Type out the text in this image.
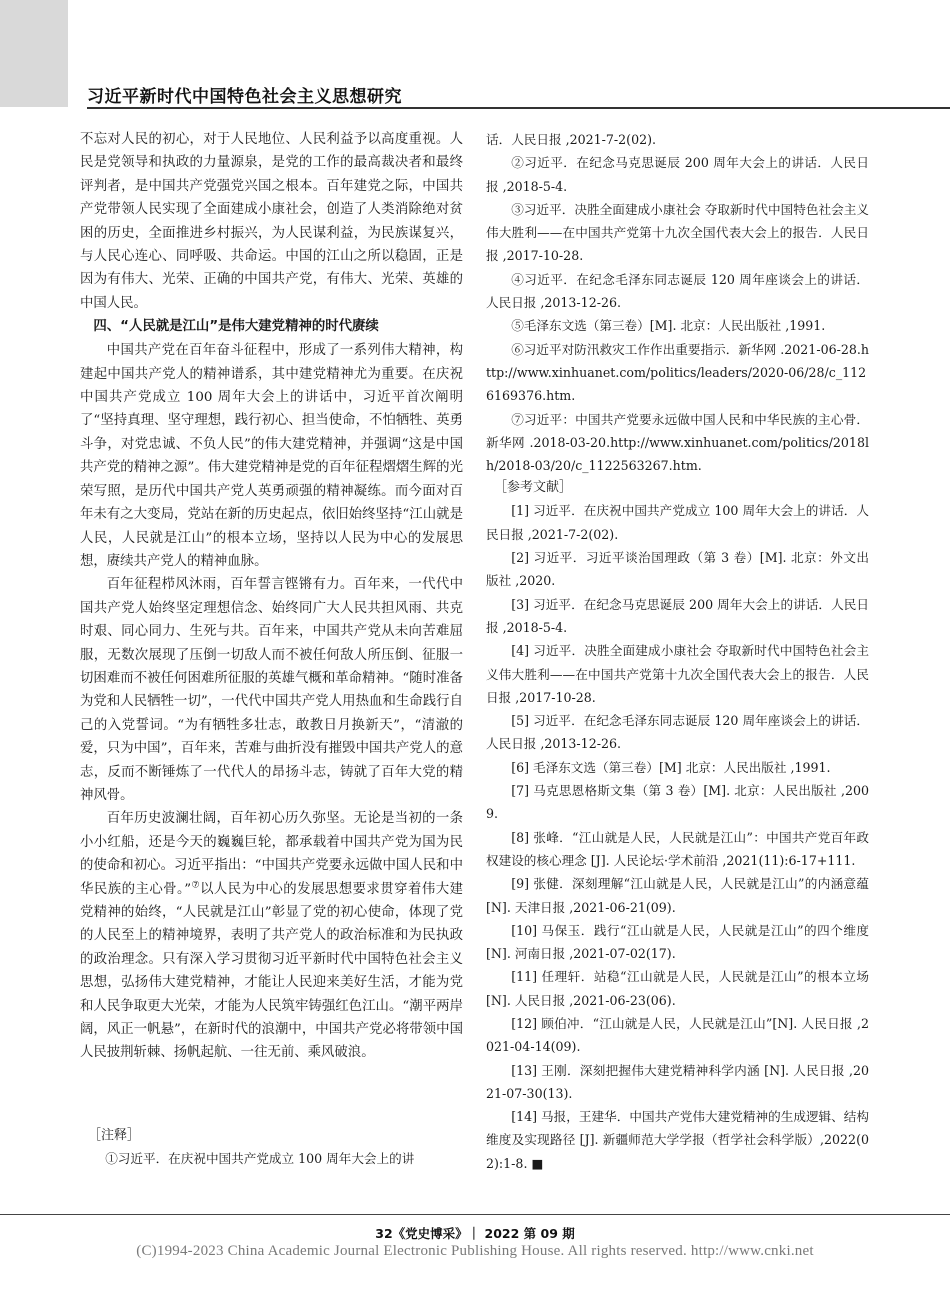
习近平新时代中国特色社会主义思想研究

不忘对人民的初心，对于人民地位、人民利益予以高度重视。人民是党领导和执政的力量源泉，是党的工作的最高裁决者和最终评判者，是中国共产党强党兴国之根本。百年建党之际，中国共产党带领人民实现了全面建成小康社会，创造了人类消除绝对贫困的历史，全面推进乡村振兴，为人民谋利益，为民族谋复兴，与人民心连心、同呼吸、共命运。中国的江山之所以稳固，正是因为有伟大、光荣、正确的中国共产党，有伟大、光荣、英雄的中国人民。

四、“人民就是江山”是伟大建党精神的时代赓续

中国共产党在百年奋斗征程中，形成了一系列伟大精神，构建起中国共产党人的精神谱系，其中建党精神尤为重要。在庆祝中国共产党成立 100 周年大会上的讲话中，习近平首次阐明了“坚持真理、坚守理想，践行初心、担当使命，不怕牺牲、英勇斗争，对党忠诚、不负人民”的伟大建党精神，并强调“这是中国共产党的精神之源”。伟大建党精神是党的百年征程熠熠生辉的光荣写照，是历代中国共产党人英勇顽强的精神凝练。而今面对百年未有之大变局，党站在新的历史起点，依旧始终坚持“江山就是人民，人民就是江山”的根本立场，坚持以人民为中心的发展思想，赓续共产党人的精神血脉。

百年征程栉风沐雨，百年誓言铿锵有力。百年来，一代代中国共产党人始终坚定理想信念、始终同广大人民共担风雨、共克时艰、同心同力、生死与共。百年来，中国共产党从未向苦难屈服，无数次展现了压倒一切敌人而不被任何敌人所压倒、征服一切困难而不被任何困难所征服的英雄气概和革命精神。“随时准备为党和人民牺牲一切”，一代代中国共产党人用热血和生命践行自己的入党誓词。“为有牺牲多壮志，敢教日月换新天”，“清澈的爱，只为中国”，百年来，苦难与曲折没有摧毁中国共产党人的意志，反而不断锤炼了一代代人的昂扬斗志，铸就了百年大党的精神风骨。

百年历史波澜壮阔，百年初心历久弥坚。无论是当初的一条小小红船，还是今天的巍巍巨轮，都承载着中国共产党为国为民的使命和初心。习近平指出：“中国共产党要永远做中国人民和中华民族的主心骨。”⑦以人民为中心的发展思想要求贯穿着伟大建党精神的始终，“人民就是江山”彰显了党的初心使命，体现了党的人民至上的精神境界，表明了共产党人的政治标准和为民执政的政治理念。只有深入学习贯彻习近平新时代中国特色社会主义思想，弘扬伟大建党精神，才能让人民迎来美好生活，才能为党和人民争取更大光荣，才能为人民筑牢铸强红色江山。“潮平两岸阔，风正一帆悬”，在新时代的浪潮中，中国共产党必将带领中国人民披荆斩棘、扬帆起航、一往无前、乘风破浪。

［注释］

①习近平．在庆祝中国共产党成立 100 周年大会上的讲

话．人民日报 ,2021-7-2(02).

②习近平．在纪念马克思诞辰 200 周年大会上的讲话．人民日报 ,2018-5-4.

③习近平．决胜全面建成小康社会 夺取新时代中国特色社会主义伟大胜利——在中国共产党第十九次全国代表大会上的报告．人民日报 ,2017-10-28.

④习近平．在纪念毛泽东同志诞辰 120 周年座谈会上的讲话．人民日报 ,2013-12-26.

⑤毛泽东文选（第三卷）[M]. 北京：人民出版社 ,1991.

⑥习近平对防汛救灾工作作出重要指示．新华网 .2021-06-28.http://www.xinhuanet.com/politics/leaders/2020-06/28/c_1126169376.htm.

⑦习近平：中国共产党要永远做中国人民和中华民族的主心骨．新华网 .2018-03-20.http://www.xinhuanet.com/politics/2018lh/2018-03/20/c_1122563267.htm.

［参考文献］

[1] 习近平．在庆祝中国共产党成立 100 周年大会上的讲话．人民日报 ,2021-7-2(02).

[2] 习近平．习近平谈治国理政（第 3 卷）[M]. 北京：外文出版社 ,2020.

[3] 习近平．在纪念马克思诞辰 200 周年大会上的讲话．人民日报 ,2018-5-4.

[4] 习近平．决胜全面建成小康社会 夺取新时代中国特色社会主义伟大胜利——在中国共产党第十九次全国代表大会上的报告．人民日报 ,2017-10-28.

[5] 习近平．在纪念毛泽东同志诞辰 120 周年座谈会上的讲话．人民日报 ,2013-12-26.

[6] 毛泽东文选（第三卷）[M] 北京：人民出版社 ,1991.

[7] 马克思恩格斯文集（第 3 卷）[M]. 北京：人民出版社 ,2009.

[8] 张峰．“江山就是人民，人民就是江山”：中国共产党百年政权建设的核心理念 [J]. 人民论坛·学术前沿 ,2021(11):6-17+111.

[9] 张健．深刻理解“江山就是人民，人民就是江山”的内涵意蕴 [N]. 天津日报 ,2021-06-21(09).

[10] 马保玉．践行“江山就是人民，人民就是江山”的四个维度 [N]. 河南日报 ,2021-07-02(17).

[11] 任理轩．站稳“江山就是人民，人民就是江山”的根本立场 [N]. 人民日报 ,2021-06-23(06).

[12] 顾伯冲．“江山就是人民，人民就是江山”[N]. 人民日报 ,2021-04-14(09).

[13] 王刚．深刻把握伟大建党精神科学内涵 [N]. 人民日报 ,2021-07-30(13).

[14] 马报，王建华．中国共产党伟大建党精神的生成逻辑、结构维度及实现路径 [J]. 新疆师范大学学报（哲学社会科学版）,2022(02):1-8. ■

32《党史博采》｜ 2022 第 09 期
(C)1994-2023 China Academic Journal Electronic Publishing House. All rights reserved. http://www.cnki.net
